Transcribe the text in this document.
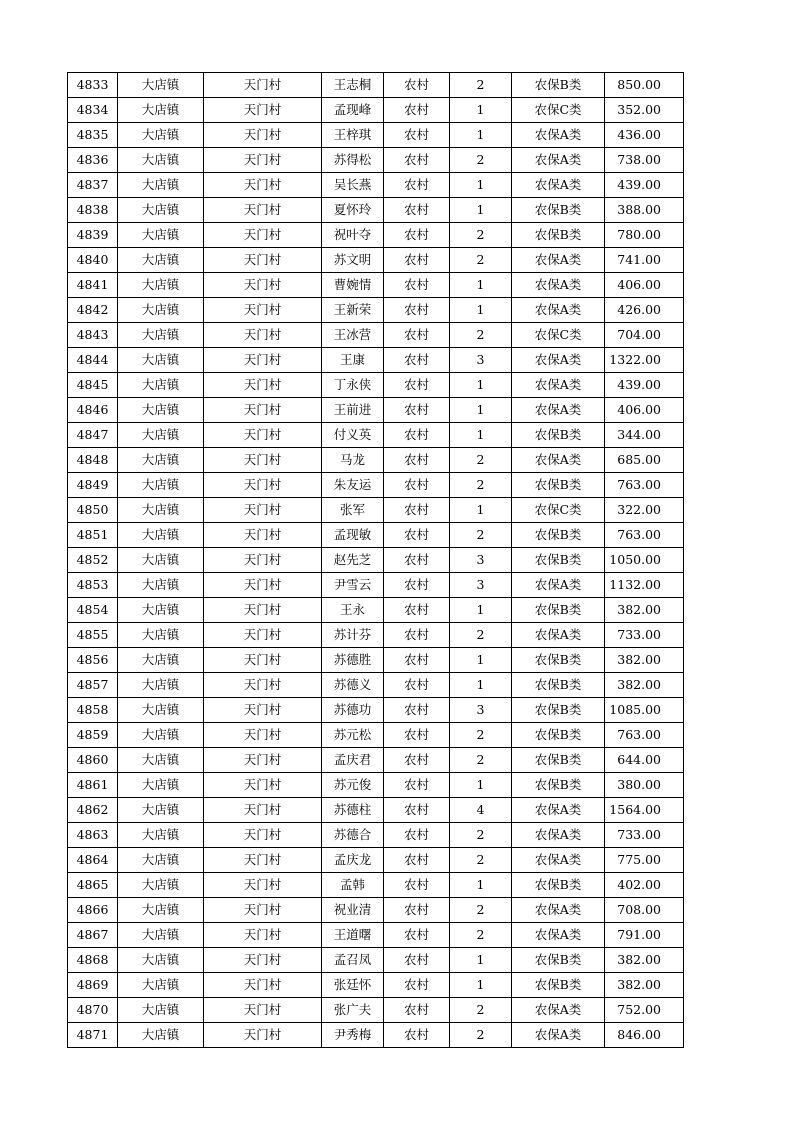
4833	大店镇	天门村	王志桐	农村	2	农保B类	850.00
4834	大店镇	天门村	孟现峰	农村	1	农保C类	352.00
4835	大店镇	天门村	王梓琪	农村	1	农保A类	436.00
4836	大店镇	天门村	苏得松	农村	2	农保A类	738.00
4837	大店镇	天门村	吴长燕	农村	1	农保A类	439.00
4838	大店镇	天门村	夏怀玲	农村	1	农保B类	388.00
4839	大店镇	天门村	祝叶夺	农村	2	农保B类	780.00
4840	大店镇	天门村	苏文明	农村	2	农保A类	741.00
4841	大店镇	天门村	曹婉情	农村	1	农保A类	406.00
4842	大店镇	天门村	王新荣	农村	1	农保A类	426.00
4843	大店镇	天门村	王冰营	农村	2	农保C类	704.00
4844	大店镇	天门村	王康	农村	3	农保A类	1322.00
4845	大店镇	天门村	丁永侠	农村	1	农保A类	439.00
4846	大店镇	天门村	王前进	农村	1	农保A类	406.00
4847	大店镇	天门村	付义英	农村	1	农保B类	344.00
4848	大店镇	天门村	马龙	农村	2	农保A类	685.00
4849	大店镇	天门村	朱友运	农村	2	农保B类	763.00
4850	大店镇	天门村	张军	农村	1	农保C类	322.00
4851	大店镇	天门村	孟现敏	农村	2	农保B类	763.00
4852	大店镇	天门村	赵先芝	农村	3	农保B类	1050.00
4853	大店镇	天门村	尹雪云	农村	3	农保A类	1132.00
4854	大店镇	天门村	王永	农村	1	农保B类	382.00
4855	大店镇	天门村	苏计芬	农村	2	农保A类	733.00
4856	大店镇	天门村	苏德胜	农村	1	农保B类	382.00
4857	大店镇	天门村	苏德义	农村	1	农保B类	382.00
4858	大店镇	天门村	苏德功	农村	3	农保B类	1085.00
4859	大店镇	天门村	苏元松	农村	2	农保B类	763.00
4860	大店镇	天门村	孟庆君	农村	2	农保B类	644.00
4861	大店镇	天门村	苏元俊	农村	1	农保B类	380.00
4862	大店镇	天门村	苏德柱	农村	4	农保A类	1564.00
4863	大店镇	天门村	苏德合	农村	2	农保A类	733.00
4864	大店镇	天门村	孟庆龙	农村	2	农保A类	775.00
4865	大店镇	天门村	孟韩	农村	1	农保B类	402.00
4866	大店镇	天门村	祝业清	农村	2	农保A类	708.00
4867	大店镇	天门村	王道曙	农村	2	农保A类	791.00
4868	大店镇	天门村	孟召凤	农村	1	农保B类	382.00
4869	大店镇	天门村	张廷怀	农村	1	农保B类	382.00
4870	大店镇	天门村	张广夫	农村	2	农保A类	752.00
4871	大店镇	天门村	尹秀梅	农村	2	农保A类	846.00
